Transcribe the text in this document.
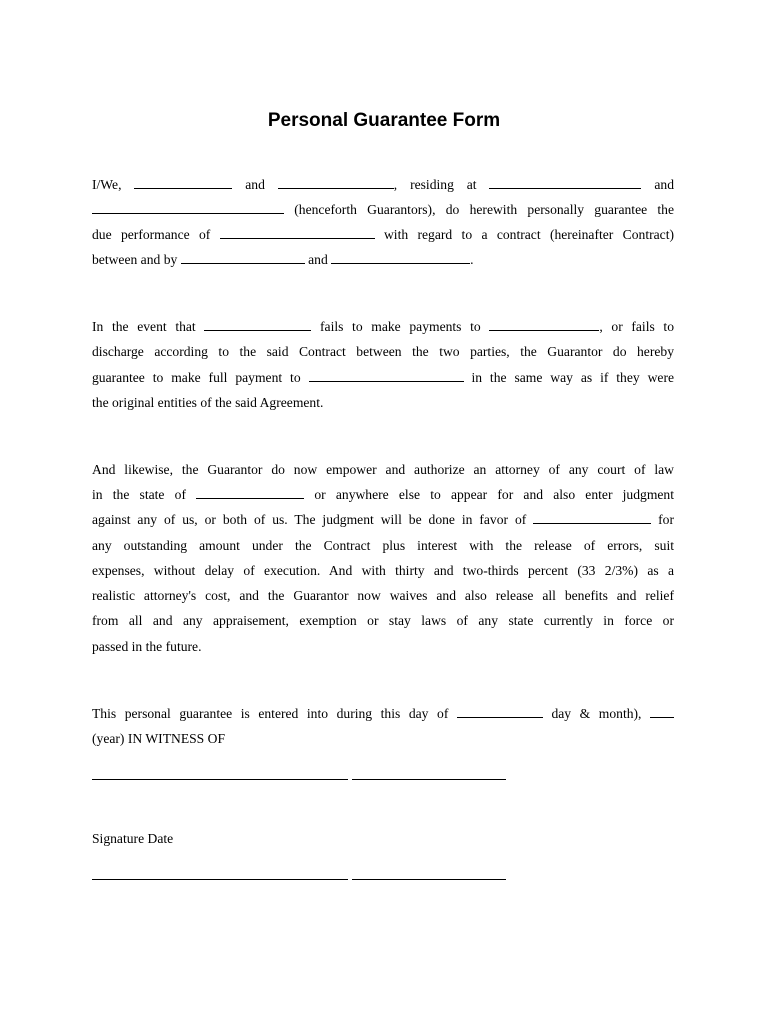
Personal Guarantee Form
I/We,	and	, residing at	and
(henceforth Guarantors), do herewith personally guarantee the
due performance of	with regard to a contract (hereinafter Contract)
between and by	and	.
In the event that	fails to make payments to	, or fails to
discharge according to the said Contract between the two parties, the Guarantor do hereby
guarantee to make full payment to	in the same way as if they were
the original entities of the said Agreement.
And likewise, the Guarantor do now empower and authorize an attorney of any court of law
in the state of	or anywhere else to appear for and also enter judgment
against any of us, or both of us. The judgment will be done in favor of	for
any outstanding amount under the Contract plus interest with the release of errors, suit
expenses, without delay of execution. And with thirty and two-thirds percent (33 2/3%) as a
realistic attorney's cost, and the Guarantor now waives and also release all benefits and relief
from all and any appraisement, exemption or stay laws of any state currently in force or
passed in the future.
This personal guarantee is entered into during this day of	day & month),
(year) IN WITNESS OF
Signature Date
